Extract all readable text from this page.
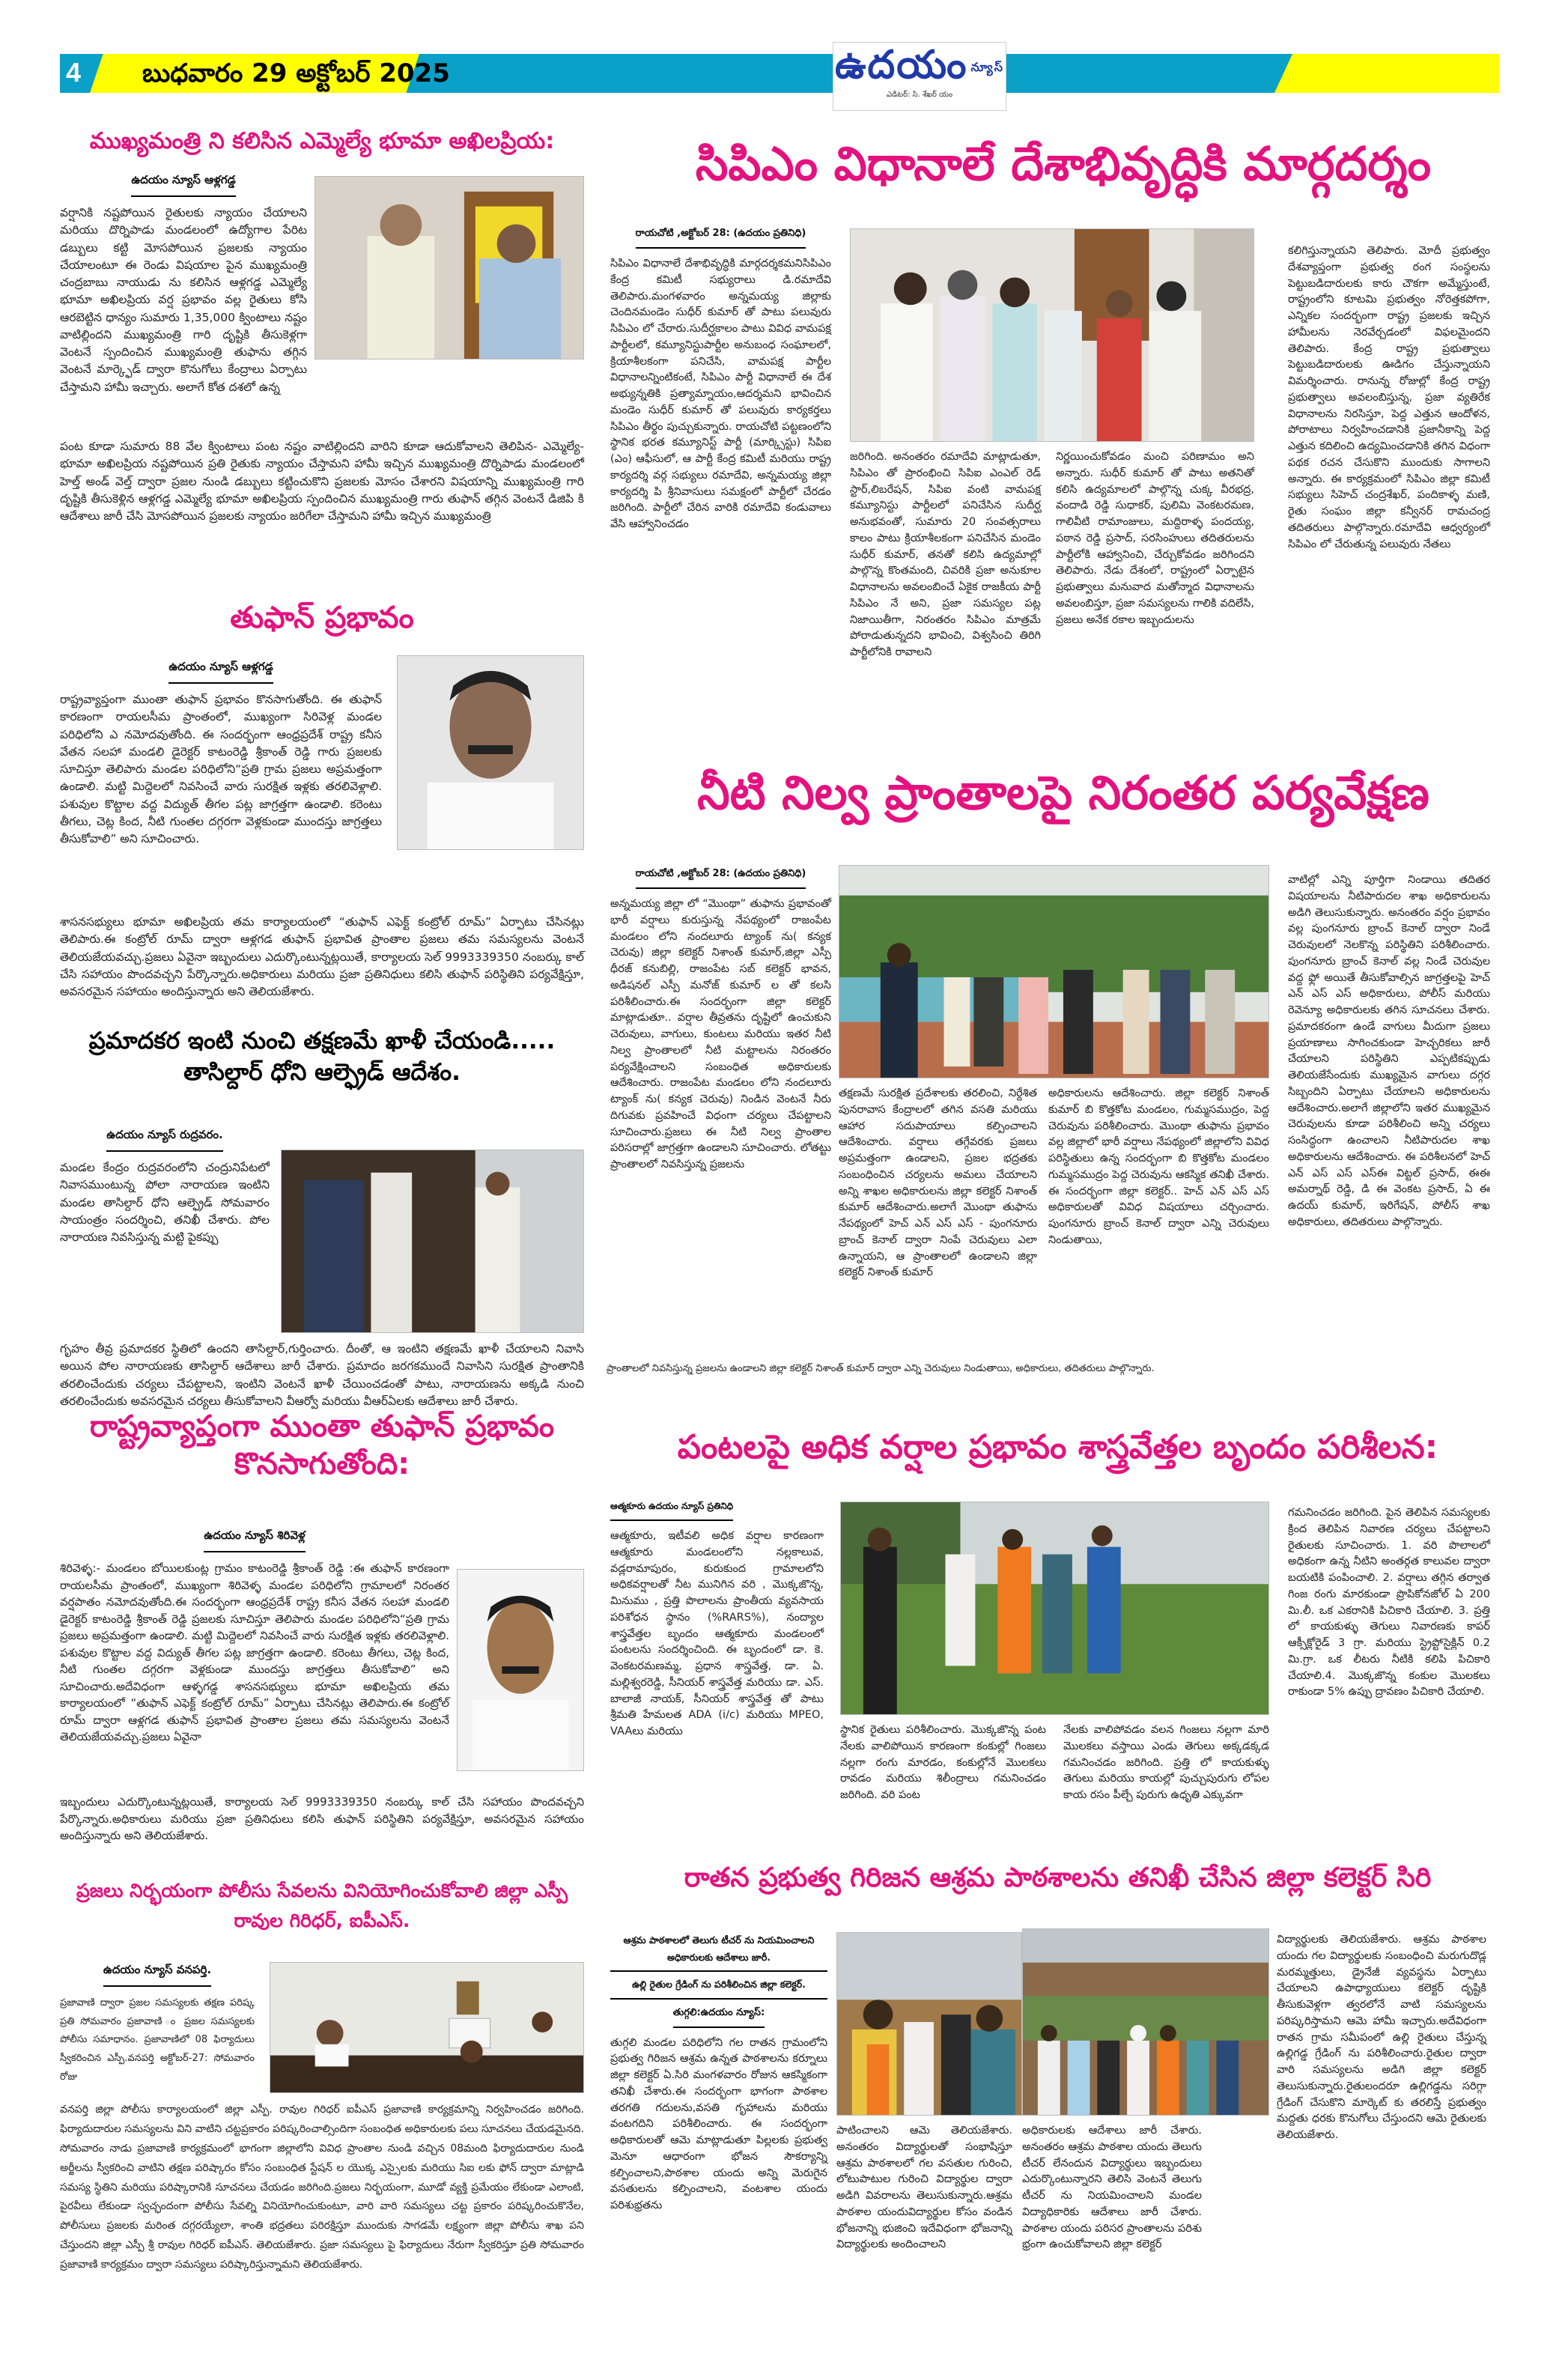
4 బుధవారం 29 అక్టోబర్ 2025	ఉదయం న్యూస్
ఎడిటర్: సి. శేఖర్ యం
ముఖ్యమంత్రి ని కలిసిన ఎమ్మెల్యే భూమా అఖిలప్రియ:
ఉదయం న్యూస్ ఆళ్లగడ్డ
వర్షానికి నష్టపోయిన రైతులకు న్యాయం చేయాలని మరియు దొర్నిపాడు మండలంలో ఉద్యోగాల పేరిట డబ్బులు కట్టి మోసపోయిన ప్రజలకు న్యాయం చేయాలంటూ ఈ రెండు విషయాల పైన ముఖ్యమంత్రి చంద్రబాబు నాయుడు ను కలిసిన ఆళ్లగడ్డ ఎమ్మెల్యే భూమా అఖిలప్రియ వర్ష ప్రభావం వల్ల రైతులు కోసి ఆరబెట్టిన ధాన్యం సుమారు 1,35,000 క్వింటాలు నష్టం వాటిల్లిందని ముఖ్యమంత్రి గారి దృష్టికి తీసుకెళ్లగా వెంటనే స్పందించిన ముఖ్యమంత్రి తుఫాను తగ్గిన వెంటనే మార్క్ఫెడ్ ద్వారా కొనుగోలు కేంద్రాలు ఏర్పాటు చేస్తామని హామీ ఇచ్చారు. అలాగే కోత దశలో ఉన్న
పంట కూడా సుమారు 88 వేల క్వింటాలు పంట నష్టం వాటిల్లిందని వారిని కూడా ఆదుకోవాలని తెలిపిన- ఎమ్మెల్యే- భూమా అఖిలప్రియ నష్టపోయిన ప్రతి రైతుకు న్యాయం చేస్తామని హామీ ఇచ్చిన ముఖ్యమంత్రి దొర్నిపాడు మండలంలో హెల్త్ అండ్ వెల్త్ ద్వారా ప్రజల నుండి డబ్బులు కట్టించుకొని ప్రజలకు మోసం చేశారని విషయాన్ని ముఖ్యమంత్రి గారి దృష్టికి తీసుకెళ్లిన ఆళ్లగడ్డ ఎమ్మెల్యే భూమా అఖిలప్రియ స్పందించిన ముఖ్యమంత్రి గారు తుఫాన్ తగ్గిన వెంటనే డిజిపి కి ఆదేశాలు జారీ చేసి మోసపోయిన ప్రజలకు న్యాయం జరిగేలా చేస్తామని హామీ ఇచ్చిన ముఖ్యమంత్రి
తుఫాన్ ప్రభావం
ఉదయం న్యూస్ ఆళ్లగడ్డ
రాష్ట్రవ్యాప్తంగా ముంతా తుఫాన్ ప్రభావం కొనసాగుతోంది. ఈ తుఫాన్ కారణంగా రాయలసీమ ప్రాంతంలో, ముఖ్యంగా సిరివెళ్ల మండల పరిధిలోని ఎ నమోదవుతోంది. ఈ సందర్భంగా ఆంధ్రప్రదేశ్ రాష్ట్ర కనీస వేతన సలహా మండలి డైరెక్టర్ కాటంరెడ్డి శ్రీకాంత్ రెడ్డి గారు ప్రజలకు సూచిస్తూ తెలిపారు మండల పరిధిలోని“ప్రతి గ్రామ ప్రజలు అప్రమత్తంగా ఉండాలి. మట్టి మిద్దెలలో నివసించే వారు సురక్షిత ఇళ్లకు తరలివెళ్లాలి. పశువుల కొట్టాల వద్ద విద్యుత్ తీగల పట్ల జాగ్రత్తగా ఉండాలి. కరెంటు తీగలు, చెట్ల కింద, నీటి గుంతల దగ్గరగా వెళ్లకుండా ముందస్తు జాగ్రత్తలు తీసుకోవాలి” అని సూచించారు.
శాసనసభ్యులు భూమా అఖిలప్రియ తమ కార్యాలయంలో “తుఫాన్ ఎఫెక్ట్ కంట్రోల్ రూమ్” ఏర్పాటు చేసినట్లు తెలిపారు.ఈ కంట్రోల్ రూమ్ ద్వారా ఆళ్లగడ తుఫాన్ ప్రభావిత ప్రాంతాల ప్రజలు తమ సమస్యలను వెంటనే తెలియజేయవచ్చు.ప్రజలు ఏవైనా ఇబ్బందులు ఎదుర్కొంటున్నట్లయితే, కార్యాలయ సెల్ 9993339350 నంబర్కు కాల్ చేసి సహాయం పొందవచ్చని పేర్కొన్నారు.అధికారులు మరియు ప్రజా ప్రతినిధులు కలిసి తుఫాన్ పరిస్థితిని పర్యవేక్షిస్తూ, అవసరమైన సహాయం అందిస్తున్నారు అని తెలియజేశారు.
ప్రమాదకర ఇంటి నుంచి తక్షణమే ఖాళీ చేయండి..... తాసిల్దార్ ధోని ఆల్ఫ్రెడ్ ఆదేశం.
ఉదయం న్యూస్ రుద్రవరం.
మండల కేంద్రం రుద్రవరంలోని చంద్రునిపేటలో నివాసముంటున్న పోలా నారాయణ ఇంటిని మండల తాసిల్దార్ ధోని ఆల్ఫ్రెడ్ సోమవారం సాయంత్రం సందర్శించి, తనిఖీ చేశారు. పోల నారాయణ నివసిస్తున్న మట్టి పైకప్పు
గృహం తీవ్ర ప్రమాదకర స్థితిలో ఉందని తాసిల్దార్,గుర్తించారు. దీంతో, ఆ ఇంటిని తక్షణమే ఖాళీ చేయాలని నివాసి అయిన పోల నారాయణకు తాసిల్దార్ ఆదేశాలు జారీ చేశారు. ప్రమాదం జరగకముందే నివాసిని సురక్షిత ప్రాంతానికి తరలించేందుకు చర్యలు చేపట్టాలని, ఇంటిని వెంటనే ఖాళీ చేయించడంతో పాటు, నారాయణను అక్కడి నుంచి తరలించేందుకు అవసరమైన చర్యలు తీసుకోవాలని వీఆర్వో మరియు వీఆర్ఏలకు ఆదేశాలు జారీ చేశారు.
రాష్ట్రవ్యాప్తంగా ముంతా తుఫాన్ ప్రభావం కొనసాగుతోంది:
ఉదయం న్యూస్ శిరివెళ్ల
శిరివెళ్ళ:- మండలం బోయిలకుంట్ల గ్రామం కాటంరెడ్డి శ్రీకాంత్ రెడ్డి :ఈ తుఫాన్ కారణంగా రాయలసీమ ప్రాంతంలో, ముఖ్యంగా శిరివెళ్ళ మండల పరిధిలోని గ్రామాలలో నిరంతర వర్షపాతం నమోదవుతోంది.ఈ సందర్భంగా ఆంధ్రప్రదేశ్ రాష్ట్ర కనీస వేతన సలహా మండలి డైరెక్టర్ కాటంరెడ్డి శ్రీకాంత్ రెడ్డి ప్రజలకు సూచిస్తూ తెలిపారు మండల పరిధిలోని“ప్రతి గ్రామ ప్రజలు అప్రమత్తంగా ఉండాలి. మట్టి మిద్దెలలో నివసించే వారు సురక్షిత ఇళ్లకు తరలివెళ్లాలి. పశువుల కొట్టాల వద్ద విద్యుత్ తీగల పట్ల జాగ్రత్తగా ఉండాలి. కరెంటు తీగలు, చెట్ల కింద, నీటి గుంతల దగ్గరగా వెళ్లకుండా ముందస్తు జాగ్రత్తలు తీసుకోవాలి” అని సూచించారు.అదేవిధంగా ఆళ్ళగడ్డ శాసనసభ్యులు భూమా అఖిలప్రియ తమ కార్యాలయంలో “తుఫాన్ ఎఫెక్ట్ కంట్రోల్ రూమ్” ఏర్పాటు చేసినట్లు తెలిపారు.ఈ కంట్రోల్ రూమ్ ద్వారా ఆళ్లగడ తుఫాన్ ప్రభావిత ప్రాంతాల ప్రజలు తమ సమస్యలను వెంటనే తెలియజేయవచ్చు.ప్రజలు ఏవైనా
ఇబ్బందులు ఎదుర్కొంటున్నట్లయితే, కార్యాలయ సెల్ 9993339350 నంబర్కు కాల్ చేసి సహాయం పొందవచ్చని పేర్కొన్నారు.అధికారులు మరియు ప్రజా ప్రతినిధులు కలిసి తుఫాన్ పరిస్థితిని పర్యవేక్షిస్తూ, అవసరమైన సహాయం అందిస్తున్నారు అని తెలియజేశారు.
ప్రజలు నిర్భయంగా పోలీసు సేవలను వినియోగించుకోవాలి జిల్లా ఎస్పీ రావుల గిరిధర్, ఐపీఎస్.
ఉదయం న్యూస్ వనపర్తి.
ప్రజావాణి ద్వారా ప్రజల సమస్యలకు తక్షణ పరిష్క ప్రతి సోమవారం ప్రజావాణి ం ప్రజల సమస్యలకు పోలీసు సమాధానం. ప్రజావాణిలో 08 ఫిర్యాదులు స్వీకరించిన ఎస్పీ.వనపర్తి అక్టోబర్-27: సోమవారం రోజు
వనపర్తి జిల్లా పోలీసు కార్యాలయంలో జిల్లా ఎస్పీ. రావుల గిరిధర్ ఐపీఎస్ ప్రజావాణి కార్యక్రమాన్ని నిర్వహించడం జరిగింది. ఫిర్యాదుదారుల సమస్యలను విని వాటిని చట్టప్రకారం పరిష్కరించాల్సిందిగా సంబంధిత అధికారులకు పలు సూచనలు చేయడమైనది. సోమవారం నాడు ప్రజావాణి కార్యక్రమంలో భాగంగా జిల్లాలోని వివిధ ప్రాంతాల నుండి వచ్చిన 08మంది ఫిర్యాదుదారుల నుండి అర్జీలను స్వీకరించి వాటిని తక్షణ పరిష్కారం కోసం సంబంధిత స్టేషన్ ల యొక్క ఎస్సైలకు మరియు సిఐ లకు ఫోన్ ద్వారా మాట్లాడి సమస్య స్థితిని మరియు పరిష్కారానికి సూచనలు చేయడం జరిగింది.ప్రజలు నిర్భయంగా, మూడో వ్యక్తి ప్రమేయం లేకుండా ఎలాంటి, పైరవీలు లేకుండా స్వచ్ఛందంగా పోలీసు సేవల్ని వినియోగించుకుంటూ, వారి వారి సమస్యలు చట్ట ప్రకారం పరిష్కరించుకొనేల, పోలీసులు ప్రజలకు మరింత దగ్గరయ్యేలా, శాంతి భద్రతలు పరిరక్షిస్తూ ముందుకు సాగడమే లక్ష్యంగా జిల్లా పోలీసు శాఖ పని చేస్తుందని జిల్లా ఎస్పీ శ్రీ రావుల గిరిధర్ ఐపీఎస్. తెలియజేశారు. ప్రజా సమస్యలు పై ఫిర్యాదులు నేరుగా స్వీకరిస్తూ ప్రతి సోమవారం ప్రజావాణి కార్యక్రమం ద్వారా సమస్యలు పరిష్కారిస్తున్నామని తెలియజేశారు.
సిపిఎం విధానాలే దేశాభివృద్ధికి మార్గదర్శం
రాయచోటి ,అక్టోబర్ 28: (ఉదయం ప్రతినిధి)
సిపిఎం విధానాలే దేశాభివృద్ధికి మార్గదర్శకమనిసిపిఎం కేంద్ర కమిటీ సభ్యురాలు డి.రమాదేవి తెలిపారు.మంగళవారం అన్నమయ్య జిల్లాకు చెందినమండెం సుధీర్ కుమార్ తో పాటు పలువురు సిపిఎం లో చేరారు.సుదీర్ఘకాలం పాటు వివిధ వామపక్ష పార్టీలలో, కమ్యూనిస్టుపార్టీల అనుబంధ సంఘాలలో, క్రియాశీలకంగా పనిచేసి, వామపక్ష పార్టీల విధానాలన్నింటికంటే, సిపిఎం పార్టీ విధానాలే ఈ దేశ అభ్యున్నతికి ప్రత్యామ్నాయం,ఆదర్శమని భావించిన మండెం సుధీర్ కుమార్ తో పలువురు కార్యకర్తలు సిపిఎం తీర్థం పుచ్చుకున్నారు. రాయచోటి పట్టణంలోని స్థానిక భరత కమ్యూనిస్ట్ పార్టీ (మార్క్సిస్టు) సిపిఐ (ఎం) ఆఫీసులో, ఆ పార్టీ కేంద్ర కమిటీ మరియు రాష్ట్ర కార్యదర్శి వర్గ సభ్యులు రమాదేవి, అన్నమయ్య జిల్లా కార్యదర్శి పి శ్రీనివాసులు సమక్షంలో పార్టీలో చేరడం జరిగింది. పార్టీలో చేరిన వారికి రమాదేవి కండువాలు వేసి ఆహ్వానించడం
జరిగింది. అనంతరం రమాదేవి మాట్లాడుతూ, సిపిఎం తో ప్రారంభించి సిపిఐ ఎంఎల్ రెడ్ స్టార్,లిబరేషన్, సిపిఐ వంటి వామపక్ష కమ్యూనిస్టు పార్టీలలో పనిచేసిన సుదీర్ఘ అనుభవంతో, సుమారు 20 సంవత్సరాలు కాలం పాటు క్రియాశీలకంగా పనిచేసిన మండెం సుధీర్ కుమార్, తనతో కలిసి ఉద్యమాల్లో పాల్గొన్న కొంతమంది, చివరికి ప్రజా అనుకూల విధానాలను అవలంబించే ఏకైక రాజకీయ పార్టీ సిపిఎం నే అని, ప్రజా సమస్యల పట్ల నిజాయితీగా, నిరంతరం సిపిఎం మాత్రమే పోరాడుతున్నదని భావించి, విశ్వసించి తిరిగి పార్టీలోనికి రావాలని
నిర్ణయించుకోవడం మంచి పరిణామం అని అన్నారు. సుధీర్ కుమార్ తో పాటు అతనితో కలిసి ఉద్యమాలలో పాల్గొన్న చుక్క వీరభద్ర, వందాడి రెడ్డి సుధాకర్, పులిమి వెంకటరమణ, గాలివీటి రామాంజులు, మద్దిరాళ్ళ పందయ్య, పఠాన రెడ్డి ప్రసాద్, సరసింహులు తదితరులను పార్టీలోకి ఆహ్వానించి, చేర్చుకోవడం జరిగిందని తెలిపారు. నేడు దేశంలో, రాష్ట్రంలో ఏర్పాటైన ప్రభుత్వాలు మనువాద మతోన్మాద విధానాలను అవలంబిస్తూ, ప్రజా సమస్యలను గాలికి వదిలేసి, ప్రజలు అనేక రకాల ఇబ్బందులను
కలిగిస్తున్నాయని తెలిపారు. మోదీ ప్రభుత్వం దేశవ్యాప్తంగా ప్రభుత్వ రంగ సంస్థలను పెట్టుబడిదారులకు కారు చౌకగా అమ్మేస్తుంటే, రాష్ట్రంలోని కూటమి ప్రభుత్వం నోరెత్తకపోగా, ఎన్నికల సందర్భంగా రాష్ట్ర ప్రజలకు ఇచ్చిన హామీలను నెరవేర్చడంలో విఫలమైందని తెలిపారు. కేంద్ర రాష్ట్ర ప్రభుత్వాలు పెట్టుబడిదారులకు ఊడిగం చేస్తున్నాయని విమర్శించారు. రానున్న రోజుల్లో కేంద్ర రాష్ట్ర ప్రభుత్వాలు అవలంబిస్తున్న, ప్రజా వ్యతిరేక విధానాలను నిరసిస్తూ, పెద్ద ఎత్తున ఆందోళన, పోరాటాలు నిర్వహించడానికి ప్రజానీకాన్ని పెద్ద ఎత్తున కదిలించి ఉద్యమించడానికి తగిన విధంగా పథక రచన చేసుకొని ముందుకు సాగాలని అన్నారు. ఈ కార్యక్రమంలో సిపిఎం జిల్లా కమిటీ సభ్యులు సిహెచ్ చంద్రశేఖర్, పందికాళ్ళ మణి, రైతు సంఘం జిల్లా కన్వీనర్ రామచంద్ర తదితరులు పాల్గొన్నారు.రమాదేవి ఆధ్వర్యంలో సిపిఎం లో చేరుతున్న పలువురు నేతలు
నీటి నిల్వ ప్రాంతాలపై నిరంతర పర్యవేక్షణ
రాయచోటి ,అక్టోబర్ 28: (ఉదయం ప్రతినిధి)
అన్నమయ్య జిల్లా లో “మొంథా” తుఫాను ప్రభావంతో భారీ వర్షాలు కురుస్తున్న నేపథ్యంలో రాజంపేట మండలం లోని నందలూరు ట్యాంక్ ను( కన్యక చెరువు) జిల్లా కలెక్టర్ నిశాంత్ కుమార్,జిల్లా ఎస్పీ ధీరజ్ కనుబిల్లి, రాజంపేట సబ్ కలెక్టర్ భావన, అడిషనల్ ఎస్పీ మనోజ్ కుమార్ ల తో కలసి పరిశీలించారు.ఈ సందర్భంగా జిల్లా కలెక్టర్ మాట్లాడుతూ.. వర్షాల తీవ్రతను దృష్టిలో ఉంచుకుని చెరువులు, వాగులు, కుంటలు మరియు ఇతర నీటి నిల్వ ప్రాంతాలలో నీటి మట్టాలను నిరంతరం పర్యవేక్షించాలని సంబంధిత అధికారులకు ఆదేశించారు. రాజంపేట మండలం లోని నందలూరు ట్యాంక్ ను( కన్యక చెరువు) నిండిన వెంటనే నీరు దిగువకు ప్రవహించే విధంగా చర్యలు చేపట్టాలని సూచించారు.ప్రజలు ఈ నీటి నిల్వ ప్రాంతాల పరిసరాల్లో జాగ్రత్తగా ఉండాలని సూచించారు. లోతట్టు ప్రాంతాలలో నివసిస్తున్న ప్రజలను
తక్షణమే సురక్షిత ప్రదేశాలకు తరలించి, నిర్దేశిత పునరావాస కేంద్రాలలో తగిన వసతి మరియు ఆహార సదుపాయాలు కల్పించాలని ఆదేశించారు. వర్షాలు తగ్గేవరకు ప్రజలు అప్రమత్తంగా ఉండాలని, ప్రజల భద్రతకు సంబంధించిన చర్యలను అమలు చేయాలని అన్ని శాఖల అధికారులను జిల్లా కలెక్టర్ నిశాంత్ కుమార్ ఆదేశించారు.అలాగే మొంథా తుఫాను నేపథ్యంలో హెచ్ ఎన్ ఎస్ ఎస్ - పుంగనూరు బ్రాంచ్ కెనాల్ ద్వారా నింపే చెరువులు ఎలా ఉన్నాయని, ఆ ప్రాంతాలలో ఉండాలని జిల్లా కలెక్టర్ నిశాంత్ కుమార్
అధికారులను ఆదేశించారు. జిల్లా కలెక్టర్ నిశాంత్ కుమార్ బి కొత్తకోట మండలం, గుమ్మసముద్రం, పెద్ద చెరువును పరిశీలించారు. మొంథా తుఫాను ప్రభావం వల్ల జిల్లాలో భారీ వర్షాలు నేపథ్యంలో జిల్లాలోని వివిధ పరిస్థితులు ఉన్న సందర్భంగా బి కొత్తకోట మండలం గుమ్మసముద్రం పెద్ద చెరువును ఆకస్మిక తనిఖీ చేశారు. ఈ సందర్భంగా జిల్లా కలెక్టర్.. హెచ్ ఎన్ ఎస్ ఎస్ అధికారులతో వివిధ విషయాలు చర్చించారు. పుంగనూరు బ్రాంచ్ కెనాల్ ద్వారా ఎన్ని చెరువులు నిండుతాయి,
వాటిల్లో ఎన్ని పూర్తిగా నిండాయి తదితర విషయాలను నీటిపారుదల శాఖ అధికారులను అడిగి తెలుసుకున్నారు. అనంతరం వర్షం ప్రభావం వల్ల పుంగనూరు బ్రాంచ్ కెనాల్ ద్వారా నిండే చెరువులలో నెలకొన్న పరిస్థితిని పరిశీలించారు. పుంగనూరు బ్రాంచ్ కెనాల్ వల్ల నిండే చెరువుల వద్ద ఫ్లో అయితే తీసుకోవాల్సిన జాగ్రత్తలపై హెచ్ ఎన్ ఎస్ ఎస్ అధికారులు, పోలీస్ మరియు రెవెన్యూ అధికారులకు తగిన సూచనలు చేశారు. ప్రమాదకరంగా ఉండే వాగులు మీదుగా ప్రజలు ప్రయాణాలు సాగించకుండా హెచ్చరికలు జారీ చేయాలని పరిస్థితిని ఎప్పటికప్పుడు తెలియజేసేందుకు ముఖ్యమైన వాగులు దగ్గర సిబ్బందిని ఏర్పాటు చేయాలని అధికారులను ఆదేశించారు.అలాగే జిల్లాలోని ఇతర ముఖ్యమైన చెరువులను కూడా పరిశీలించి అన్ని చర్యలు సంసిద్ధంగా ఉంచాలని నీటిపారుదల శాఖ అధికారులను ఆదేశించారు. ఈ పరిశీలనలో హెచ్ ఎన్ ఎస్ ఎస్ ఎస్ఈ విట్టల్ ప్రసాద్, ఈఈ అమర్నాథ్ రెడ్డి, డి ఈ వెంకట ప్రసాద్, ఏ ఈ ఉదయ్ కుమార్, ఇరిగేషన్, పోలీస్ శాఖ అధికారులు, తదితరులు పాల్గొన్నారు.
ప్రాంతాలలో నివసిస్తున్న ప్రజలను ఉండాలని జిల్లా కలెక్టర్ నిశాంత్ కుమార్ ద్వారా ఎన్ని చెరువులు నిండుతాయి, అధికారులు, తదితరులు పాల్గొన్నారు.
పంటలపై అధిక వర్షాల ప్రభావం శాస్త్రవేత్తల బృందం పరిశీలన:
ఆత్మకూరు ఉదయం న్యూస్ ప్రతినిధి
ఆత్మకూరు, ఇటీవలి అధిక వర్షాల కారణంగా ఆత్మకూరు మండలంలోని నల్లకాలువ, వడ్లరామాపురం, కురుకుంద గ్రామాలలోని అధికవర్షాలతో నీట మునిగిన వరి , మొక్కజొన్న, మినుము , ప్రత్తి పొలాలను ప్రాంతీయ వ్యవసాయ పరిశోధన స్థానం (%RARS%), నంద్యాల శాస్త్రవేత్తల బృందం ఆత్మకూరు మండలంలో పంటలను సందర్శించింది. ఈ బృందంలో డా. కె. వెంకటరమణమ్మ, ప్రధాన శాస్త్రవేత్త, డా. ఏ. మల్లిశ్వరరెడ్డి, సీనియర్ శాస్త్రవేత్త మరియు డా. ఎస్. బాలాజీ నాయక్, సీనియర్ శాస్త్రవేత్త తో పాటు శ్రీమతి హేమలత ADA (i/c) మరియు MPEO, VAAలు మరియు	స్థానిక రైతులు పరిశీలించారు. మొక్కజొన్న పంట నేలకు వాలిపోయిన కారణంగా కంకుల్లో గింజలు నల్లగా రంగు మారడం, కంకుల్లోనే మొలకలు రావడం మరియు శిలీంద్రాలు గమనించడం జరిగింది. వరి పంట
నేలకు వాలిపోవడం వలన గింజలు నల్లగా మారి మొలకలు వస్తాయి ఎండు తెగులు అక్కడక్కడ గమనించడం జరిగింది. ప్రత్తి లో కాయకుళ్ళు తెగులు మరియు కాయల్లో పుచ్చుపురుగు లోపల కాయ రసం పీల్చే పురుగు ఉధృతి ఎక్కువగా
గమనించడం జరిగింది. పైన తెలిపిన సమస్యలకు క్రింద తెలిపిన నివారణ చర్యలు చేపట్టాలని రైతులకు సూచించారు. 1. వరి పొలాలలో అధికంగా ఉన్న నీటిని అంతర్గత కాలువల ద్వారా బయటికి పంపించాలి. 2. వర్షాలు తగ్గిన తర్వాత గింజ రంగు మారకుండా ప్రొపికోనజోల్ ఏ 200 మి.లీ. ఒక ఎకరానికి పిచికారి చేయాలి. 3. ప్రత్తి లో కాయకుళ్ళు తెగులు నివారణకు కాపర్ ఆక్సీక్లోరైడ్ 3 గ్రా. మరియు స్ట్రెప్టోసైక్లిన్ 0.2 మి.గ్రా. ఒక లీటరు నీటికి కలిపి పిచికారి చేయాలి.4. మొక్కజొన్న కంకుల మొలకలు రాకుండా 5% ఉప్పు ద్రావణం పిచికారి చేయాలి.
రాతన ప్రభుత్వ గిరిజన ఆశ్రమ పాఠశాలను తనిఖీ చేసిన జిల్లా కలెక్టర్ సిరి
ఆశ్రమ పాఠశాలలో తెలుగు టీచర్ ను నియమించాలని అధికారులకు ఆదేశాలు జారీ.
ఉల్లి రైతుల గ్రేడింగ్ ను పరిశీలించిన జిల్లా కలెక్టర్.
తుగ్గలి:ఉదయం న్యూస్:
తుగ్గలి మండల పరిధిలోని గల రాతన గ్రామంలోని ప్రభుత్వ గిరిజన ఆశ్రమ ఉన్నత పాఠశాలను కర్నూలు జిల్లా కలెక్టర్ ఏ.సిరి మంగళవారం రోజున ఆకస్మికంగా తనిఖీ చేశారు.ఈ సందర్భంగా భాగంగా పాఠశాల తరగతి గదులను,వసతి గృహాలను మరియు వంటగదిని పరిశీలించారు. ఈ సందర్భంగా అధికారులతో ఆమె మాట్లాడుతూ పిల్లలకు ప్రభుత్వ మెనూ ఆధారంగా భోజన సౌకర్యాన్ని కల్పించాలని,పాఠశాల యందు అన్ని మెరుగైన వసతులను కల్పించాలని, వంటశాల యందు పరిశుభ్రతను
పాటించాలని ఆమె తెలియజేశారు. అనంతరం విద్యార్థులతో సంభాషిస్తూ ఆశ్రమ పాఠశాలలో గల వసతుల గురించి, లోటుపాటుల గురించి విద్యార్థుల ద్వారా అడిగి వివరాలను తెలుసుకున్నారు.ఆశ్రమ పాఠశాల యందువిద్యార్థుల కోసం వండిన భోజనాన్ని భుజించి ఇదేవిధంగా భోజనాన్ని విద్యార్థులకు అందించాలని
అధికారులకు ఆదేశాలు జారీ చేశారు. అనంతరం ఆశ్రమ పాఠశాల యందు తెలుగు టీచర్ లేనందున విద్యార్థులు ఇబ్బందులు ఎదుర్కొంటున్నారని తెలిసి వెంటనే తెలుగు టీచర్ ను నియమించాలని మండల విద్యాధికారికు ఆదేశాలు జారీ చేశారు. పాఠశాల యందు పరిసర ప్రాంతాలను పరిశు భ్రంగా ఉంచుకోవాలని జిల్లా కలెక్టర్
విద్యార్థులకు తెలియజేశారు. ఆశ్రమ పాఠశాల యందు గల విద్యార్థులకు సంబంధించి మరుగుదొడ్ల మరమ్మత్తులు, డ్రైనేజీ వ్యవస్థను ఏర్పాటు చేయాలని ఉపాధ్యాయులు కలెక్టర్ దృష్టికి తీసుకువెళ్లగా త్వరలోనే వాటి సమస్యలను పరిష్కరిస్తామని ఆమె హామీ ఇచ్చారు.అదేవిధంగా రాతన గ్రామ సమీపంలో ఉల్లి రైతులు చేస్తున్న ఉల్లిగడ్డ గ్రేడింగ్ ను పరిశీలించారు.రైతుల ద్వారా వారి సమస్యలను అడిగి జిల్లా కలెక్టర్ తెలుసుకున్నారు.రైతులందరూ ఉల్లిగడ్డను సరిగ్గా గ్రేడింగ్ చేసుకొని మార్కెట్ కు తరలిస్తే ప్రభుత్వం మద్దతు ధరకు కొనుగోలు చేస్తుందని ఆమె రైతులకు తెలియజేశారు.
